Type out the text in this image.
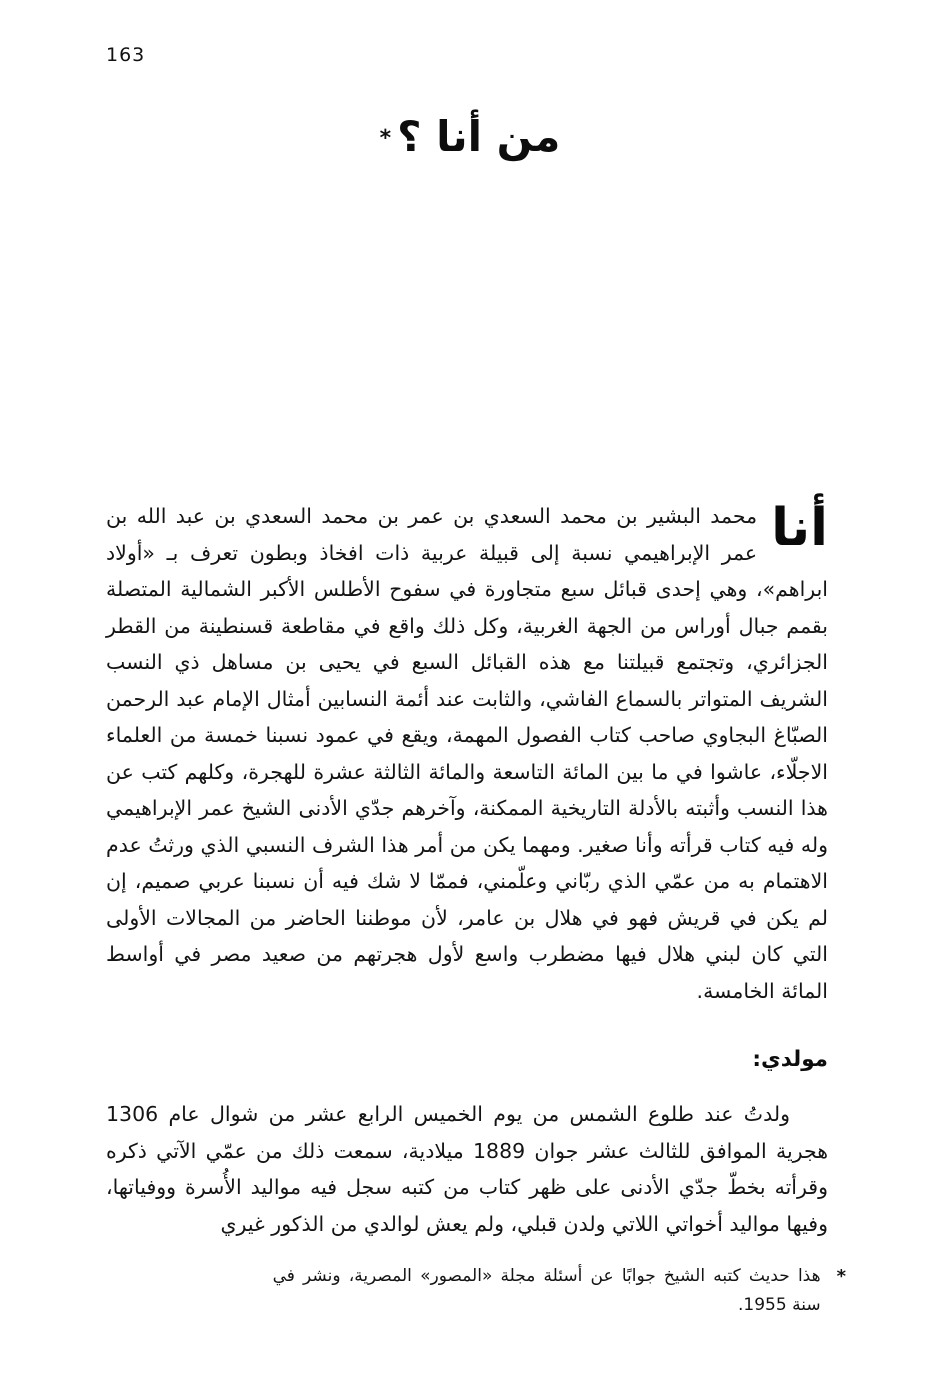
163
من أنا ؟*

أنا
محمد البشير بن محمد السعدي بن عمر بن محمد السعدي بن عبد الله بن عمر الإبراهيمي نسبة إلى قبيلة عربية ذات افخاذ وبطون تعرف بـ «أولاد ابراهم»، وهي إحدى قبائل سبع متجاورة في سفوح الأطلس الأكبر الشمالية المتصلة بقمم جبال أوراس من الجهة الغربية، وكل ذلك واقع في مقاطعة قسنطينة من القطر الجزائري، وتجتمع قبيلتنا مع هذه القبائل السبع في يحيى بن مساهل ذي النسب الشريف المتواتر بالسماع الفاشي، والثابت عند أئمة النسابين أمثال الإمام عبد الرحمن الصبّاغ البجاوي صاحب كتاب الفصول المهمة، ويقع في عمود نسبنا خمسة من العلماء الاجلّاء، عاشوا في ما بين المائة التاسعة والمائة الثالثة عشرة للهجرة، وكلهم كتب عن هذا النسب وأثبته بالأدلة التاريخية الممكنة، وآخرهم جدّي الأدنى الشيخ عمر الإبراهيمي وله فيه كتاب قرأته وأنا صغير. ومهما يكن من أمر هذا الشرف النسبي الذي ورثتُ عدم الاهتمام به من عمّي الذي ربّاني وعلّمني، فممّا لا شك فيه أن نسبنا عربي صميم، إن لم يكن في قريش فهو في هلال بن عامر، لأن موطننا الحاضر من المجالات الأولى التي كان لبني هلال فيها مضطرب واسع لأول هجرتهم من صعيد مصر في أواسط المائة الخامسة.

مولدي:

ولدتُ عند طلوع الشمس من يوم الخميس الرابع عشر من شوال عام 1306 هجرية الموافق للثالث عشر جوان 1889 ميلادية، سمعت ذلك من عمّي الآتي ذكره وقرأته بخطّ جدّي الأدنى على ظهر كتاب من كتبه سجل فيه مواليد الأُسرة ووفياتها، وفيها مواليد أخواتي اللاتي ولدن قبلي، ولم يعش لوالدي من الذكور غيري

*
هذا حديث كتبه الشيخ جوابًا عن أسئلة مجلة «المصور» المصرية، ونشر في سنة 1955.
